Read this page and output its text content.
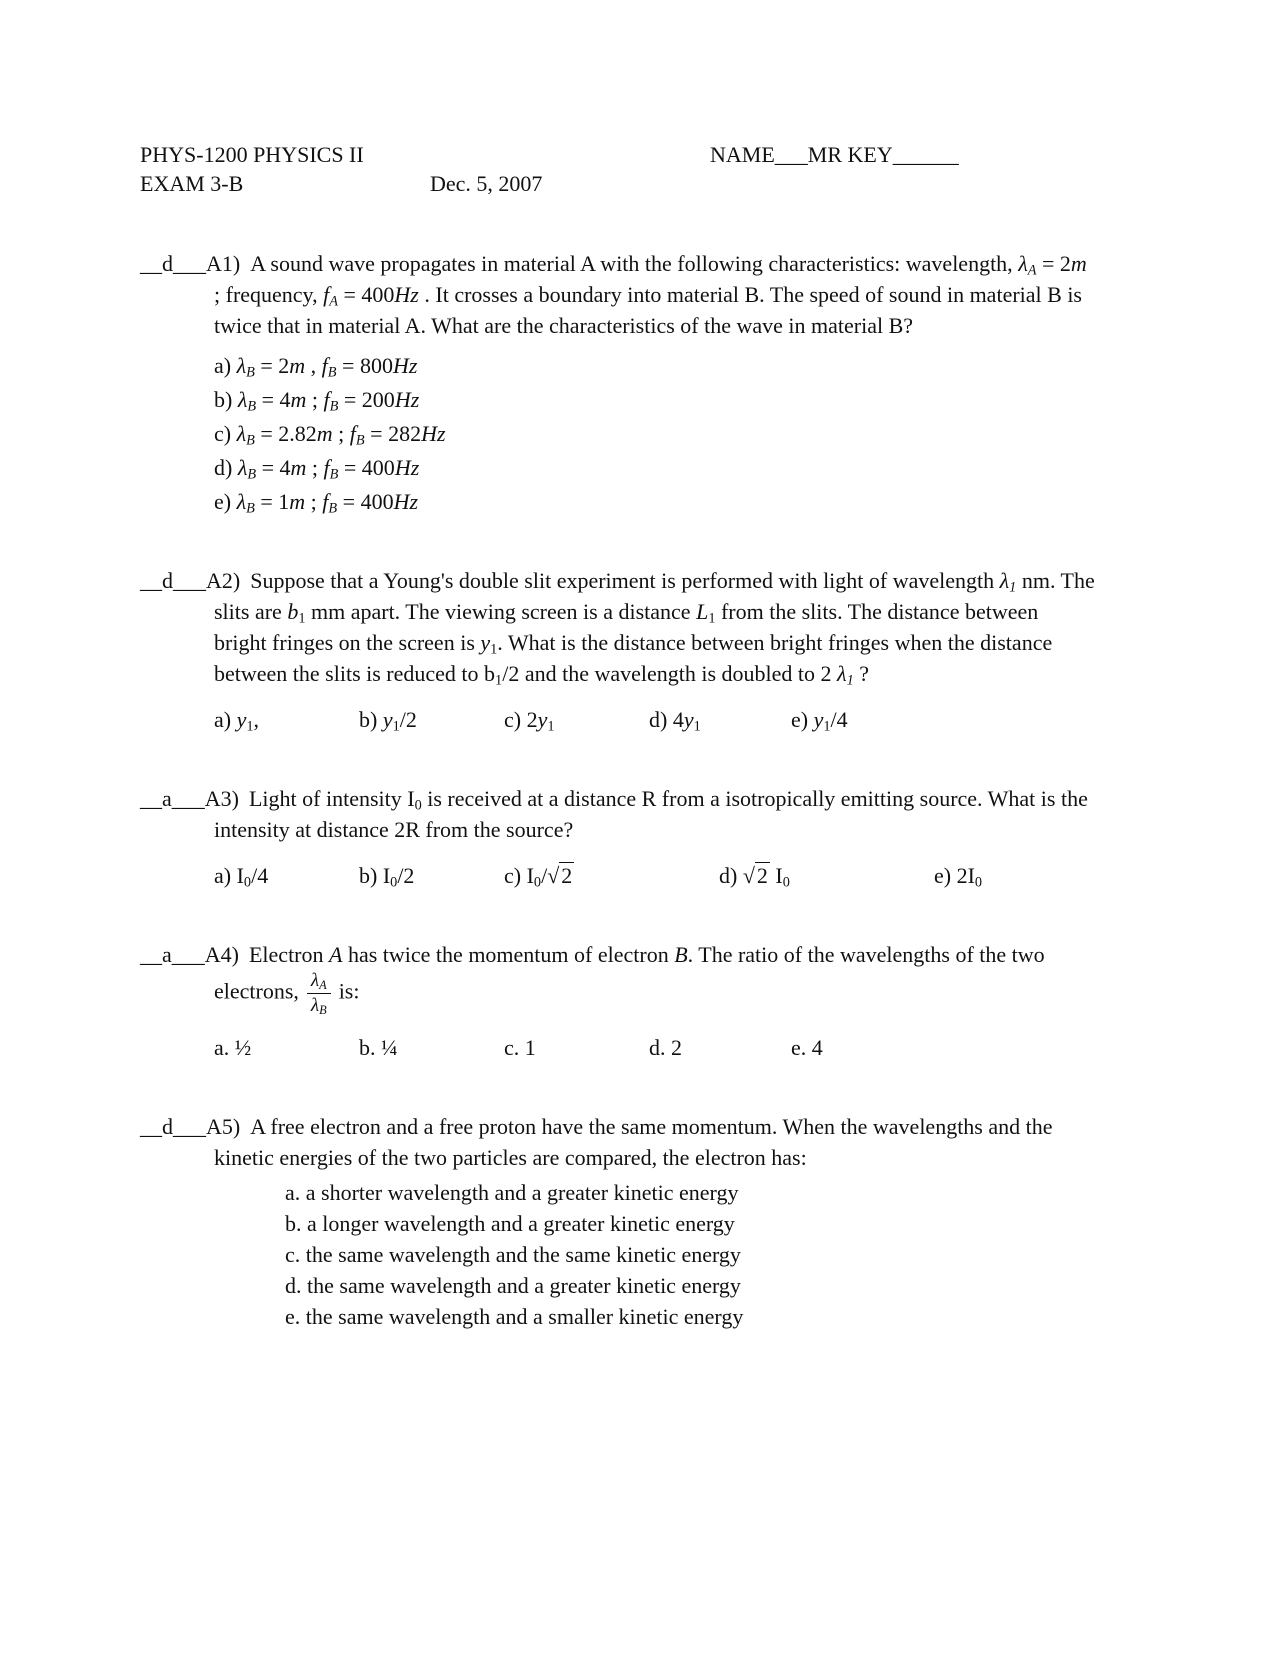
PHYS-1200 PHYSICS II	NAME___MR KEY______
EXAM 3-B	Dec. 5, 2007

__d___A1) A sound wave propagates in material A with the following characteristics: wavelength, $\lambda_A = 2m$ ; frequency, $f_A = 400Hz$ . It crosses a boundary into material B. The speed of sound in material B is twice that in material A. What are the characteristics of the wave in material B?

a) $\lambda_B = 2m$ , $f_B = 800Hz$
b) $\lambda_B = 4m$ ; $f_B = 200Hz$
c) $\lambda_B = 2.82m$ ; $f_B = 282Hz$
d) $\lambda_B = 4m$ ; $f_B = 400Hz$
e) $\lambda_B = 1m$ ; $f_B = 400Hz$

__d___A2) Suppose that a Young's double slit experiment is performed with light of wavelength $\lambda_1$ nm. The slits are $b_1$ mm apart. The viewing screen is a distance $L_1$ from the slits. The distance between bright fringes on the screen is $y_1$. What is the distance between bright fringes when the distance between the slits is reduced to $b_1/2$ and the wavelength is doubled to 2 $\lambda_1$ ?

a) $y_1$,	b) $y_1/2$	c) $2y_1$	d) $4y_1$	e) $y_1/4$

__a___A3) Light of intensity $I_0$ is received at a distance R from a isotropically emitting source. What is the intensity at distance 2R from the source?

a) $I_0/4$	b) $I_0/2$	c) $I_0/√2$	d) √2 $I_0$	e) $2I_0$

__a___A4) Electron A has twice the momentum of electron B. The ratio of the wavelengths of the two electrons, $\frac{\lambda_A}{\lambda_B}$ is:

a. ½	b. ¼	c. 1	d. 2	e. 4

__d___A5) A free electron and a free proton have the same momentum. When the wavelengths and the kinetic energies of the two particles are compared, the electron has:

a. a shorter wavelength and a greater kinetic energy
b. a longer wavelength and a greater kinetic energy
c. the same wavelength and the same kinetic energy
d. the same wavelength and a greater kinetic energy
e. the same wavelength and a smaller kinetic energy
